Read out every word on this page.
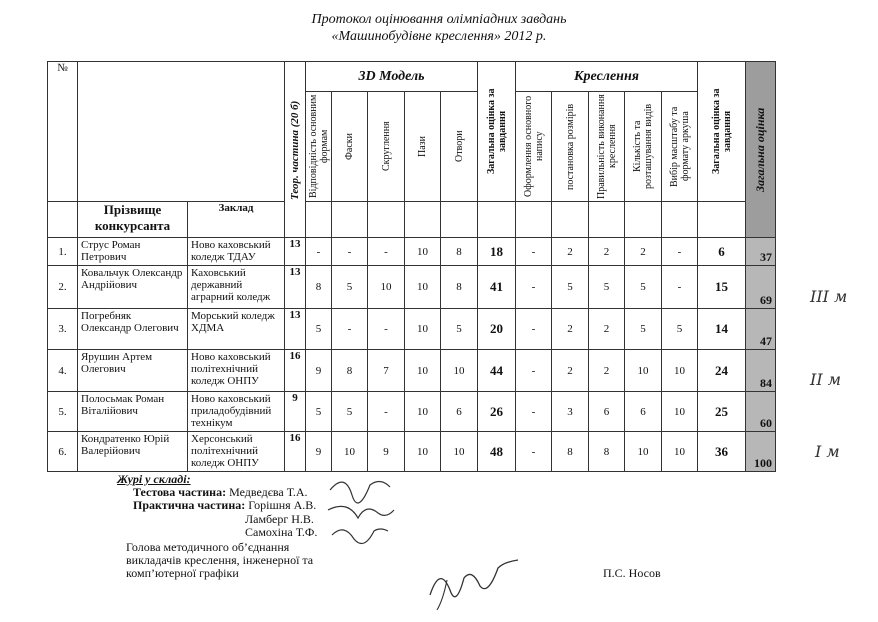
Протокол оцінювання олімпіадних завдань
«Машинобудівне креслення» 2012 р.
№			Теор. частина (20 б)	3D Модель					Загальна оцінка за завдання	Креслення					Загальна оцінка за завдання	Загальна оцінка

				Відповідність основним формам	Фаски	Скруглення	Пази	Отвори		Оформлення основного напису	постановка розмірів	Правильність виконання креслення	Кількість та розташування видів	Вибір масштабу та формату аркуша		

	Прізвище конкурсанта	Заклад														
1.	Струс Роман Петрович	Ново каховський коледж ТДАУ	13	-	-	-	10	8	18	-	2	2	2	-	6	37
2.	Ковальчук Олександр Андрійович	Каховський державний аграрний коледж	13	8	5	10	10	8	41	-	5	5	5	-	15	69
3.	Погребняк Олександр Олегович	Морський коледж ХДМА	13	5	-	-	10	5	20	-	2	2	5	5	14	47
4.	Ярушин Артем Олегович	Ново каховський політехнічний коледж ОНПУ	16	9	8	7	10	10	44	-	2	2	10	10	24	84
5.	Полосьмак Роман Віталійович	Ново каховський приладобудівний технікум	9	5	5	-	10	6	26	-	3	6	6	10	25	60
6.	Кондратенко Юрій Валерійович	Херсонський політехнічний коледж ОНПУ	16	9	10	9	10	10	48	-	8	8	10	10	36	100
III м
II м
I м
Журі у складі:
Тестова частина: Медведєва Т.А.
Практична частина: Горішня А.В.
Ламберг Н.В.
Самохіна Т.Ф.
Голова методичного об’єднання
викладачів креслення, інженерної та
комп’ютерної графіки	П.С. Носов
